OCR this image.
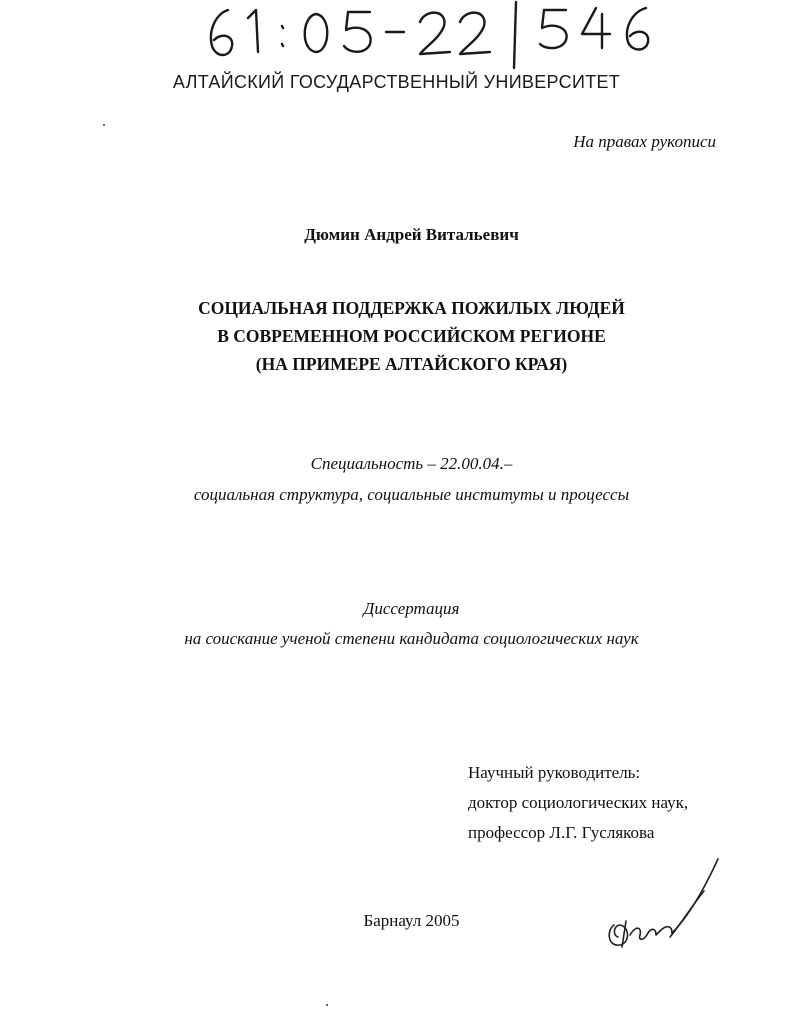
АЛТАЙСКИЙ ГОСУДАРСТВЕННЫЙ УНИВЕРСИТЕТ
На правах рукописи
Дюмин Андрей Витальевич
СОЦИАЛЬНАЯ ПОДДЕРЖКА ПОЖИЛЫХ ЛЮДЕЙ
В СОВРЕМЕННОМ РОССИЙСКОМ РЕГИОНЕ
(НА ПРИМЕРЕ АЛТАЙСКОГО КРАЯ)
Специальность – 22.00.04.–
социальная структура, социальные институты и процессы
Диссертация
на соискание ученой степени кандидата социологических наук
Научный руководитель:
доктор социологических наук,
профессор Л.Г. Гуслякова
Барнаул 2005
